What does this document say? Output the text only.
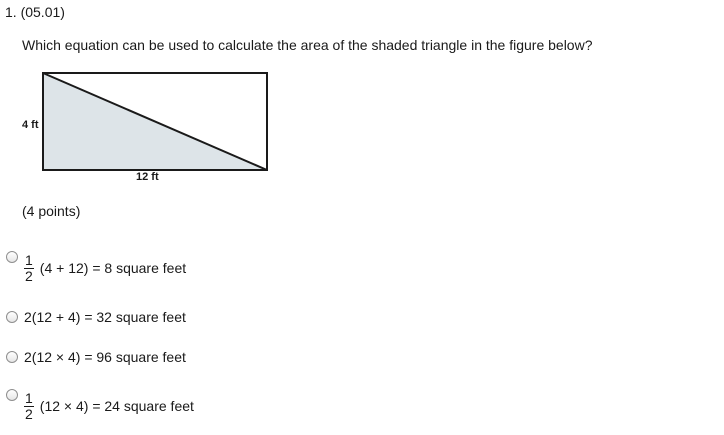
1. (05.01)
Which equation can be used to calculate the area of the shaded triangle in the figure below?
4 ft
12 ft
(4 points)
$\frac{1}{2} (4 + 12) = 8$ square feet
2(12 + 4) = 32 square feet
2(12 × 4) = 96 square feet
$\frac{1}{2} (12 \times 4) = 24$ square feet
